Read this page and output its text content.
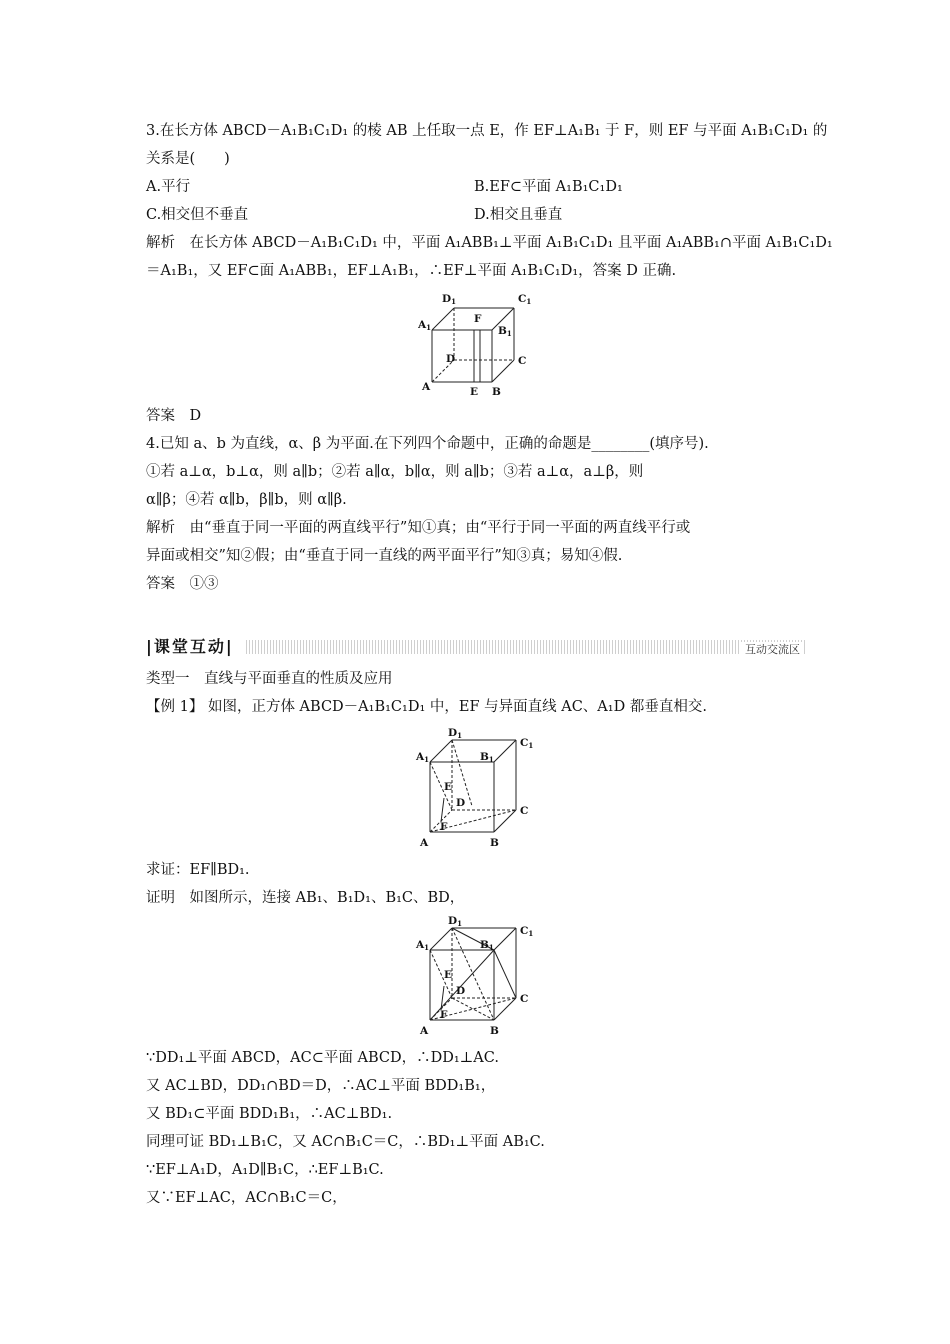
3.在长方体 ABCD－A₁B₁C₁D₁ 的棱 AB 上任取一点 E，作 EF⊥A₁B₁ 于 F，则 EF 与平面 A₁B₁C₁D₁ 的
关系是(　　)
A.平行	B.EF⊂平面 A₁B₁C₁D₁
C.相交但不垂直	D.相交且垂直
解析　在长方体 ABCD－A₁B₁C₁D₁ 中，平面 A₁ABB₁⊥平面 A₁B₁C₁D₁ 且平面 A₁ABB₁∩平面 A₁B₁C₁D₁
＝A₁B₁，又 EF⊂面 A₁ABB₁，EF⊥A₁B₁，∴EF⊥平面 A₁B₁C₁D₁，答案 D 正确.
D1	C1
A1	B1
F
D	C
A	E B
答案　D
4.已知 a、b 为直线，α、β 为平面.在下列四个命题中，正确的命题是________(填序号).
①若 a⊥α，b⊥α，则 a∥b；②若 a∥α，b∥α，则 a∥b；③若 a⊥α，a⊥β，则
α∥β；④若 α∥b，β∥b，则 α∥β.
解析　由“垂直于同一平面的两直线平行”知①真；由“平行于同一平面的两直线平行或
异面或相交”知②假；由“垂直于同一直线的两平面平行”知③真；易知④假.
答案　①③
|课堂互动|	互动交流区
类型一　直线与平面垂直的性质及应用
【例 1】 如图，正方体 ABCD－A₁B₁C₁D₁ 中，EF 与异面直线 AC、A₁D 都垂直相交.
D1
C1
A1	B1
E
D
C
F
A	B
求证：EF∥BD₁.
证明　如图所示，连接 AB₁、B₁D₁、B₁C、BD，
D1
C1
A1	B1
E
D
C
F
A	B
∵DD₁⊥平面 ABCD，AC⊂平面 ABCD，∴DD₁⊥AC.
又 AC⊥BD，DD₁∩BD＝D，∴AC⊥平面 BDD₁B₁，
又 BD₁⊂平面 BDD₁B₁，∴AC⊥BD₁.
同理可证 BD₁⊥B₁C，又 AC∩B₁C＝C，∴BD₁⊥平面 AB₁C.
∵EF⊥A₁D，A₁D∥B₁C，∴EF⊥B₁C.
又∵EF⊥AC，AC∩B₁C＝C，
